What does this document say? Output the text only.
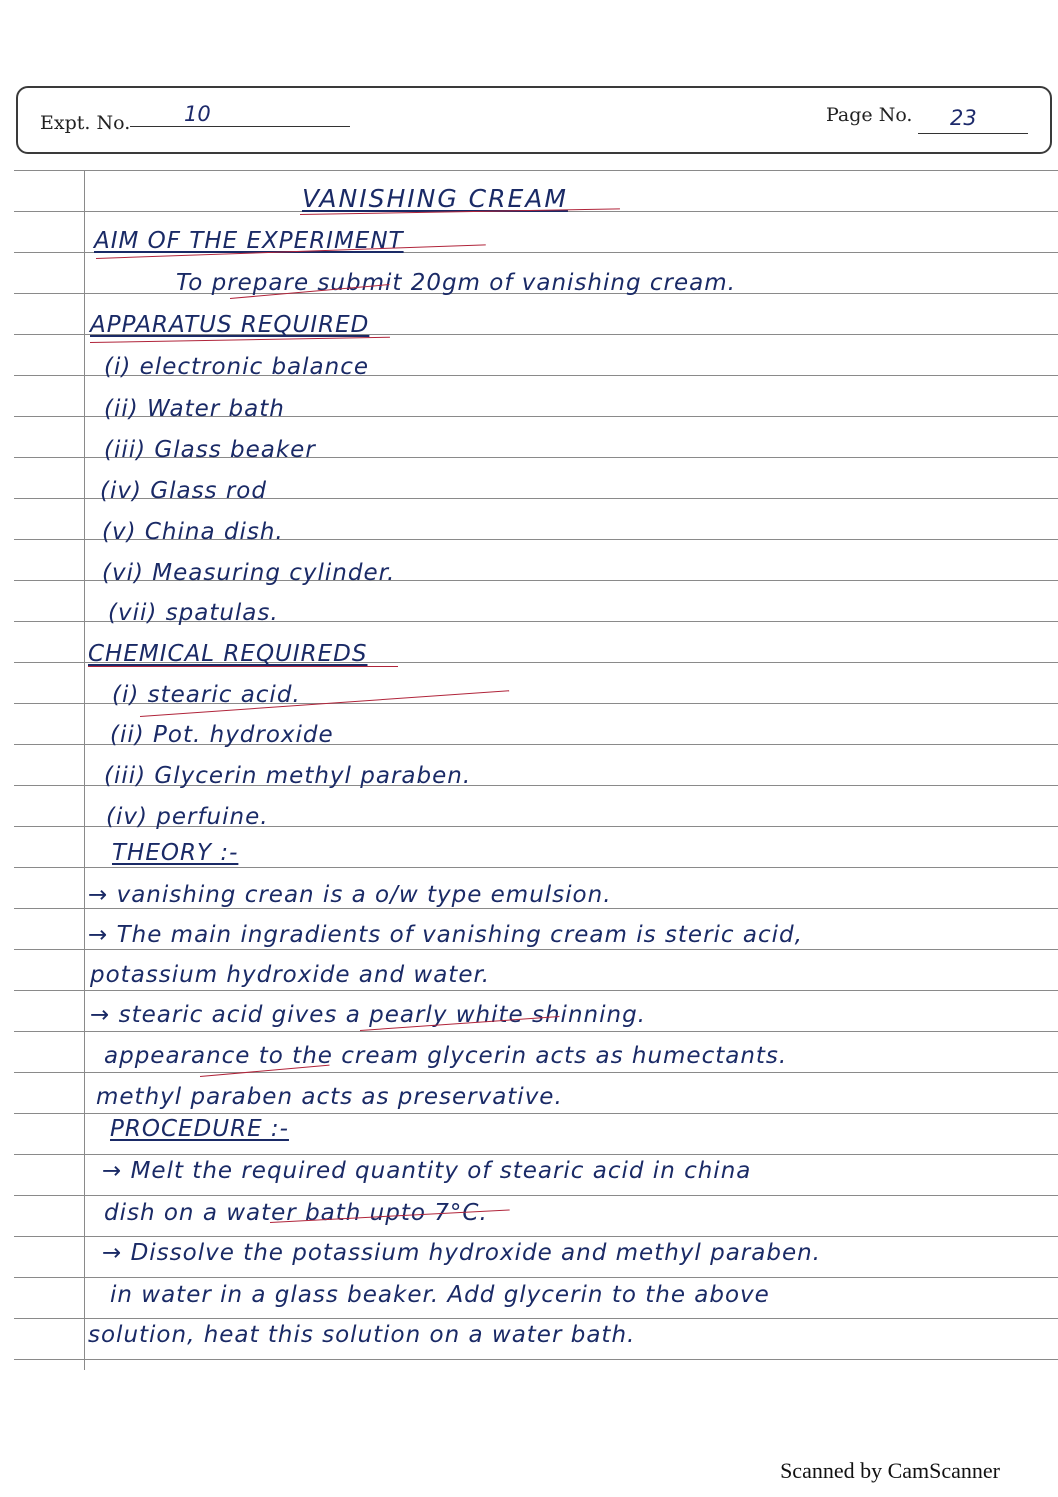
Expt. No.	10	Page No. 23
VANISHING CREAM
AIM OF THE EXPERIMENT
To prepare submit 20gm of vanishing cream.
APPARATUS REQUIRED
(i) electronic balance
(ii) Water bath
(iii) Glass beaker
(iv) Glass rod
(v) China dish.
(vi) Measuring cylinder.
(vii) spatulas.
CHEMICAL REQUIREDS
(i) stearic acid.
(ii) Pot. hydroxide
(iii) Glycerin methyl paraben.
(iv) perfuine.
THEORY :-
→ vanishing crean is a o/w type emulsion.
→ The main ingradients of vanishing cream is steric acid,
potassium hydroxide and water.
→ stearic acid gives a pearly white shinning.
appearance to the cream glycerin acts as humectants.
methyl paraben acts as preservative.
PROCEDURE :-
→ Melt the required quantity of stearic acid in china
dish on a water bath upto 7°C.
→ Dissolve the potassium hydroxide and methyl paraben.
in water in a glass beaker. Add glycerin to the above
solution, heat this solution on a water bath.
Scanned by CamScanner
